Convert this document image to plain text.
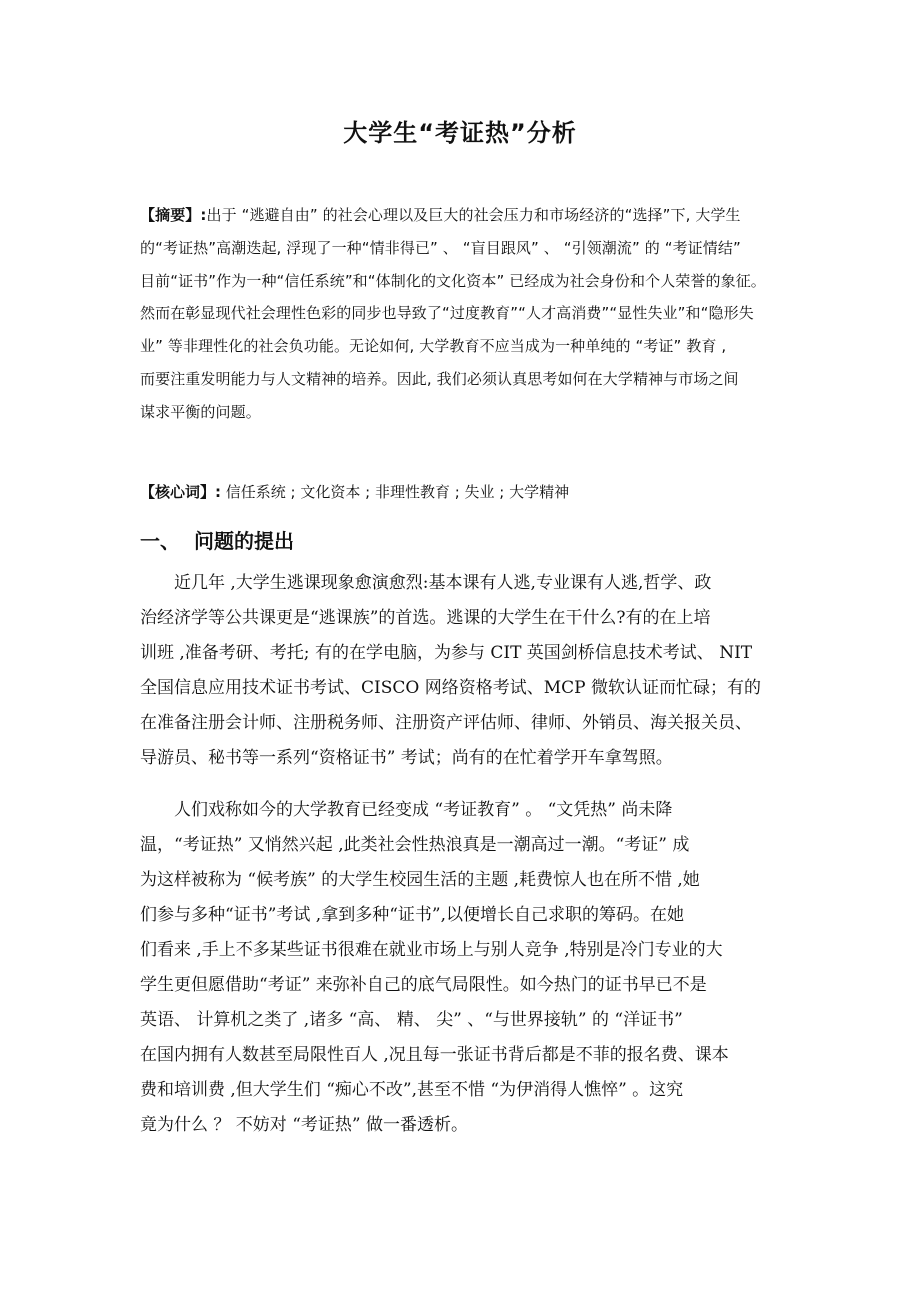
大学生“考证热”分析
【摘要】:出于 “逃避自由” 的社会心理以及巨大的社会压力和市场经济的“选择”下, 大学生
的“考证热”高潮迭起, 浮现了一种“情非得已” 、 “盲目跟风” 、 “引领潮流” 的 “考证情结”
目前“证书”作为一种“信任系统”和“体制化的文化资本” 已经成为社会身份和个人荣誉的象征。
然而在彰显现代社会理性色彩的同步也导致了“过度教育”“人才高消费”“显性失业”和“隐形失
业” 等非理性化的社会负功能。无论如何, 大学教育不应当成为一种单纯的 “考证” 教育 ,
而要注重发明能力与人文精神的培养。因此, 我们必须认真思考如何在大学精神与市场之间
谋求平衡的问题。
【核心词】: 信任系统 ; 文化资本 ; 非理性教育 ; 失业 ; 大学精神
一、 问题的提出
近几年 ,大学生逃课现象愈演愈烈:基本课有人逃,专业课有人逃,哲学、政
治经济学等公共课更是“逃课族”的首选。逃课的大学生在干什么?有的在上培
训班 ,准备考研、考托; 有的在学电脑，为参与 CIT 英国剑桥信息技术考试、 NIT
全国信息应用技术证书考试、CISCO 网络资格考试、MCP 微软认证而忙碌；有的
在准备注册会计师、注册税务师、注册资产评估师、律师、外销员、海关报关员、
导游员、秘书等一系列“资格证书” 考试；尚有的在忙着学开车拿驾照。
人们戏称如今的大学教育已经变成 “考证教育” 。 “文凭热” 尚未降
温，“考证热” 又悄然兴起 ,此类社会性热浪真是一潮高过一潮。“考证” 成
为这样被称为 “候考族” 的大学生校园生活的主题 ,耗费惊人也在所不惜 ,她
们参与多种“证书”考试 ,拿到多种“证书”,以便增长自己求职的筹码。在她
们看来 ,手上不多某些证书很难在就业市场上与别人竞争 ,特别是冷门专业的大
学生更但愿借助“考证” 来弥补自己的底气局限性。如今热门的证书早已不是
英语、 计算机之类了 ,诸多 “高、 精、 尖” 、“与世界接轨” 的 “洋证书”
在国内拥有人数甚至局限性百人 ,况且每一张证书背后都是不菲的报名费、课本
费和培训费 ,但大学生们 “痴心不改”,甚至不惜 “为伊消得人憔悴” 。这究
竟为什么 ？ 不妨对 “考证热” 做一番透析。
